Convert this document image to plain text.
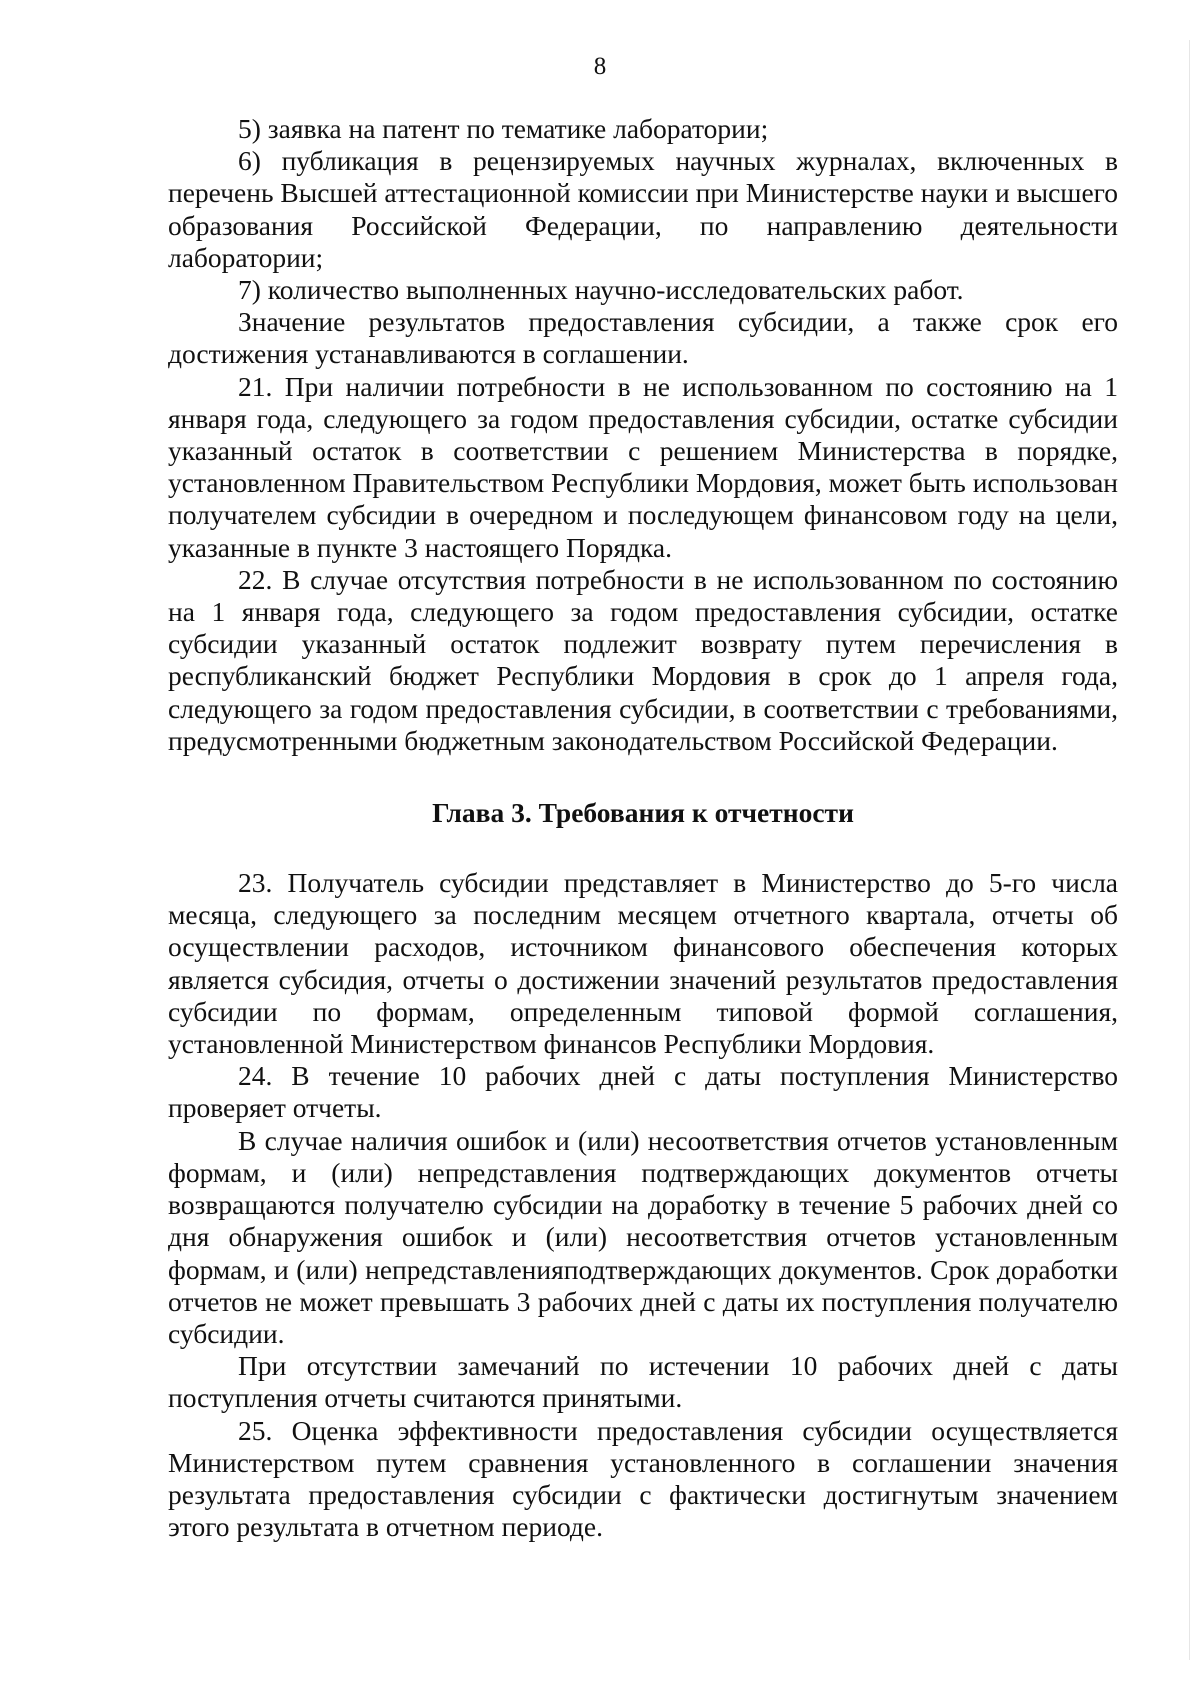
8

5) заявка на патент по тематике лаборатории;

6) публикация в рецензируемых научных журналах, включенных в перечень Высшей аттестационной комиссии при Министерстве науки и высшего образования Российской Федерации, по направлению деятельности лаборатории;

7) количество выполненных научно-исследовательских работ.

Значение результатов предоставления субсидии, а также срок его достижения устанавливаются в соглашении.

21. При наличии потребности в не использованном по состоянию на 1 января года, следующего за годом предоставления субсидии, остатке субсидии указанный остаток в соответствии с решением Министерства в порядке, установленном Правительством Республики Мордовия, может быть использован получателем субсидии в очередном и последующем финансовом году на цели, указанные в пункте 3 настоящего Порядка.

22. В случае отсутствия потребности в не использованном по состоянию на 1 января года, следующего за годом предоставления субсидии, остатке субсидии указанный остаток подлежит возврату путем перечисления в республиканский бюджет Республики Мордовия в срок до 1 апреля года, следующего за годом предоставления субсидии, в соответствии с требованиями, предусмотренными бюджетным законодательством Российской Федерации.

Глава 3. Требования к отчетности

23. Получатель субсидии представляет в Министерство до 5-го числа месяца, следующего за последним месяцем отчетного квартала, отчеты об осуществлении расходов, источником финансового обеспечения которых является субсидия, отчеты о достижении значений результатов предоставления субсидии по формам, определенным типовой формой соглашения, установленной Министерством финансов Республики Мордовия.

24. В течение 10 рабочих дней с даты поступления Министерство проверяет отчеты.

В случае наличия ошибок и (или) несоответствия отчетов установленным формам, и (или) непредставления подтверждающих документов отчеты возвращаются получателю субсидии на доработку в течение 5 рабочих дней со дня обнаружения ошибок и (или) несоответствия отчетов установленным формам, и (или) непредставленияподтверждающих документов. Срок доработки отчетов не может превышать 3 рабочих дней с даты их поступления получателю субсидии.

При отсутствии замечаний по истечении 10 рабочих дней с даты поступления отчеты считаются принятыми.

25. Оценка эффективности предоставления субсидии осуществляется Министерством путем сравнения установленного в соглашении значения результата предоставления субсидии с фактически достигнутым значением этого результата в отчетном периоде.
